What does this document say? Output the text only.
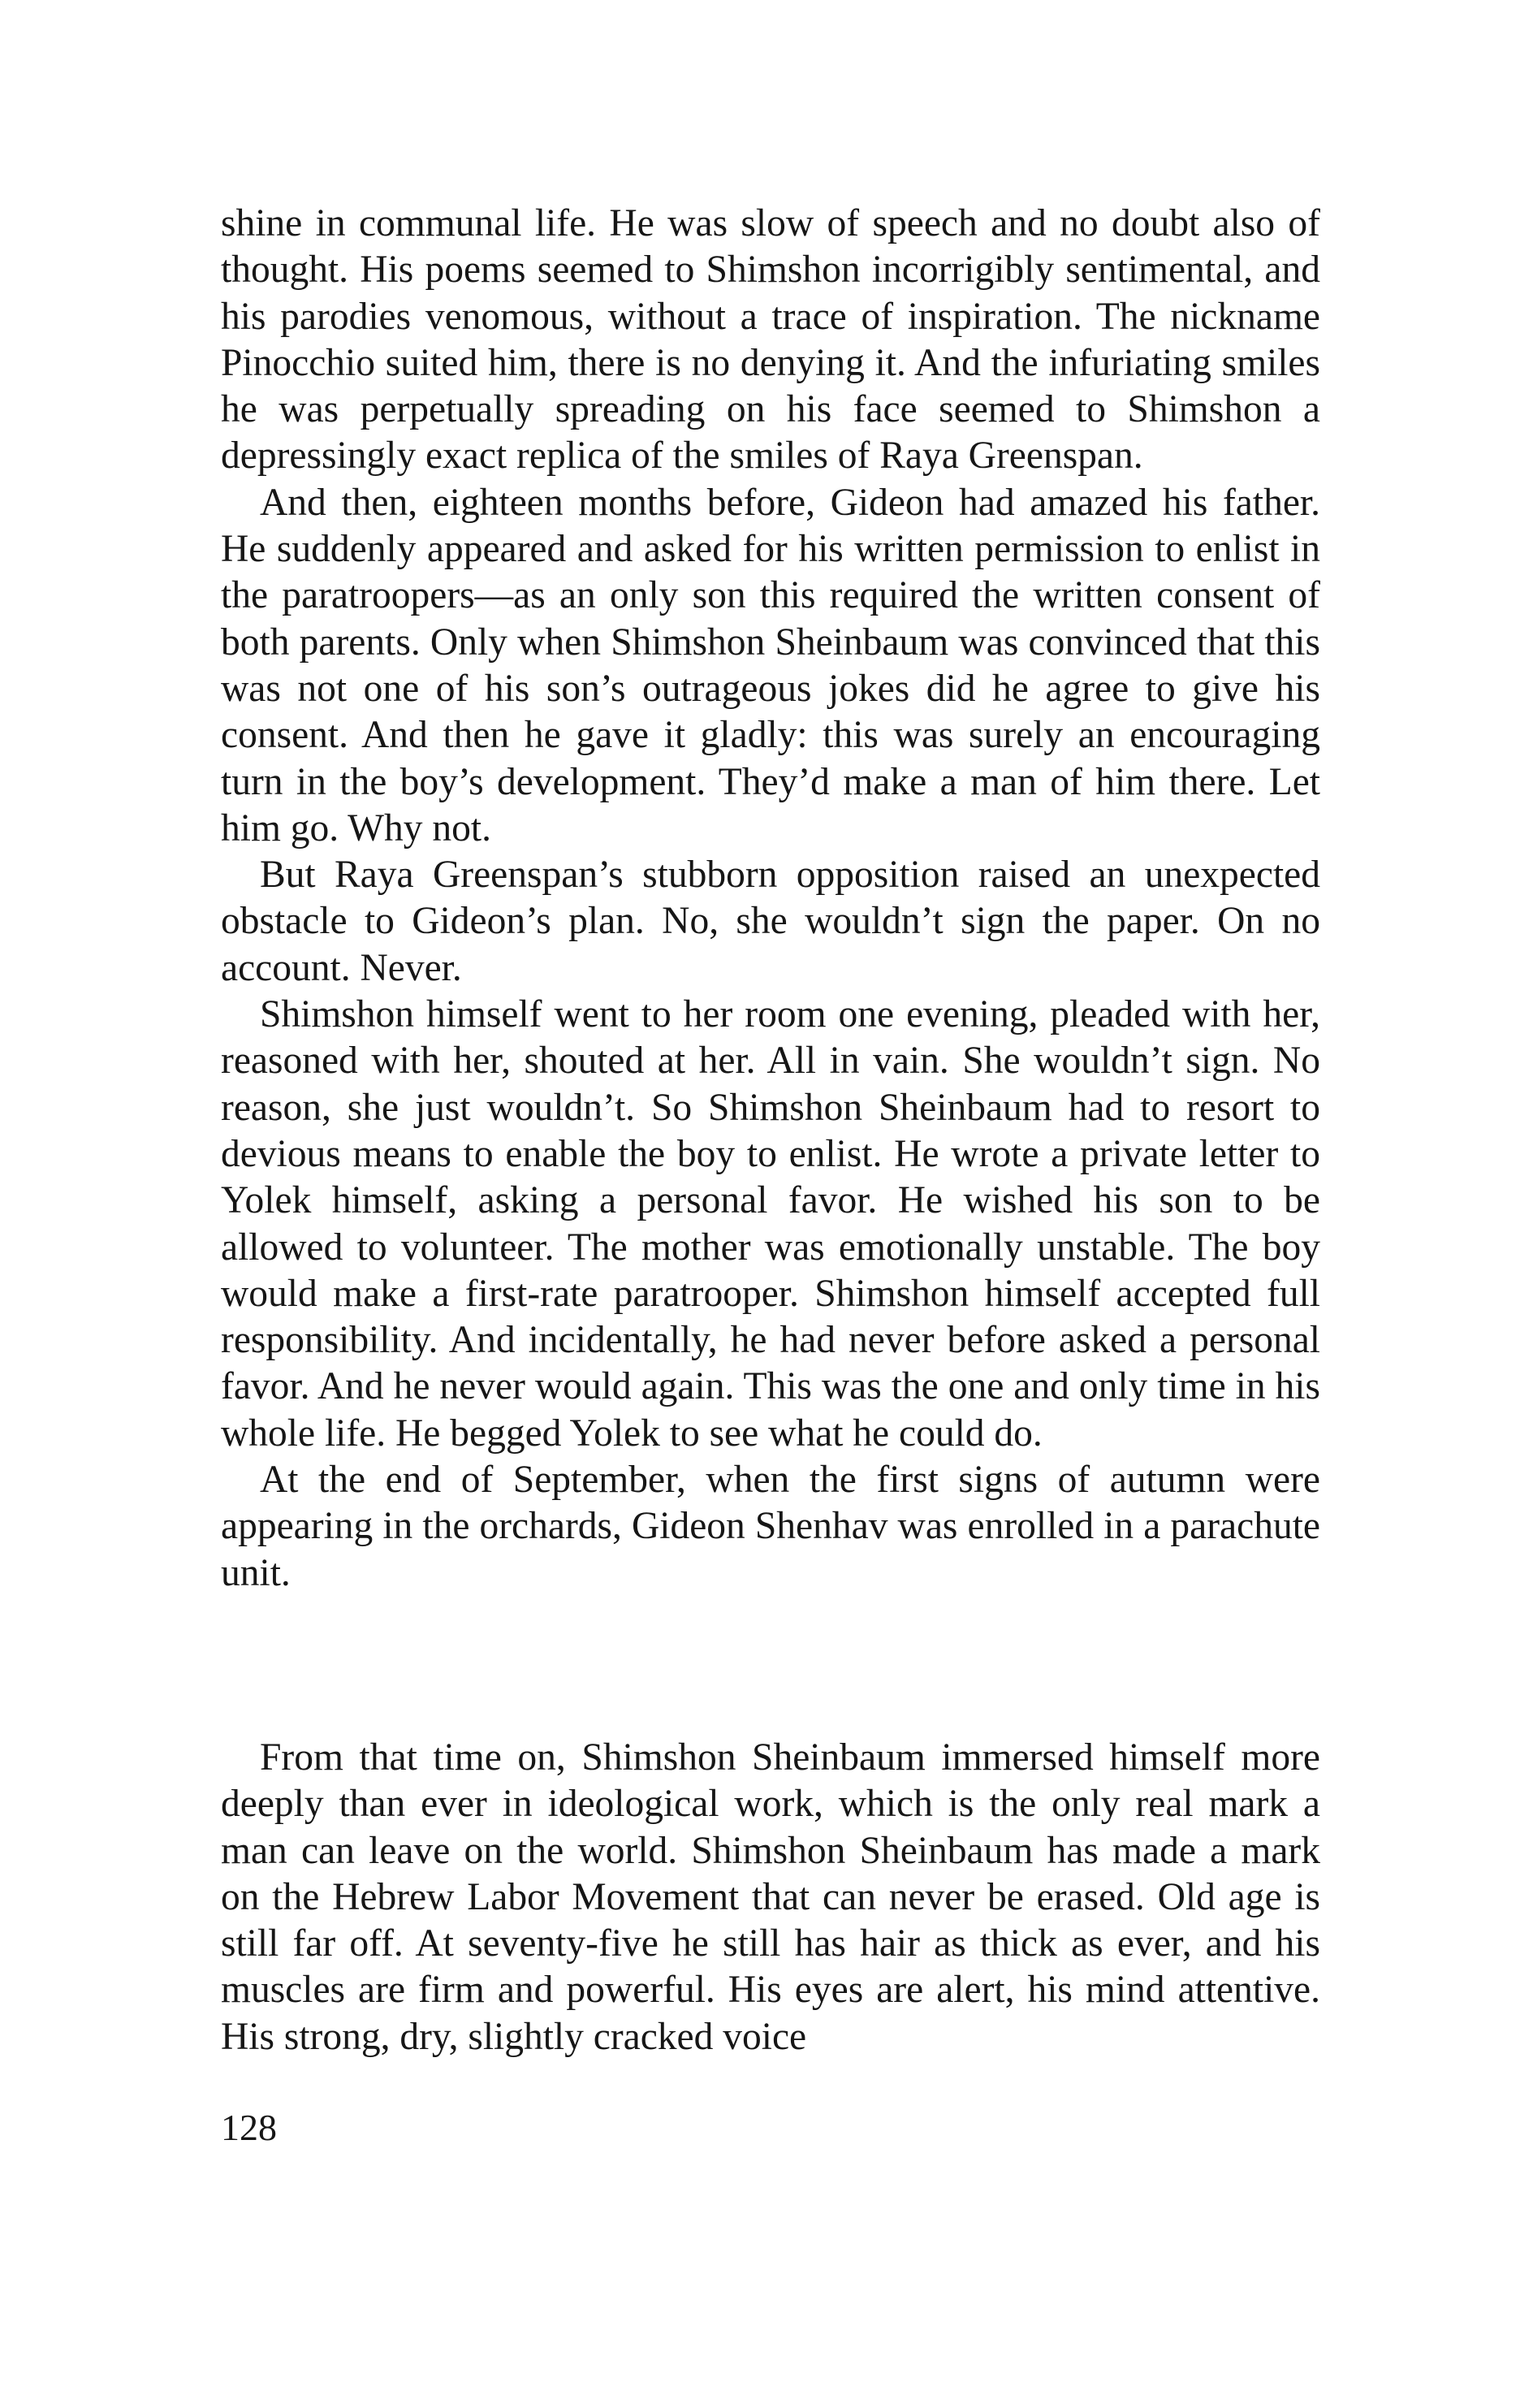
shine in communal life. He was slow of speech and no doubt also of thought. His poems seemed to Shimshon incorrigibly sentimental, and his parodies venomous, without a trace of inspiration. The nickname Pinocchio suited him, there is no denying it. And the infuriating smiles he was perpetually spreading on his face seemed to Shimshon a depressingly exact replica of the smiles of Raya Greenspan.

And then, eighteen months before, Gideon had amazed his father. He suddenly appeared and asked for his written permission to enlist in the paratroopers—as an only son this required the written consent of both parents. Only when Shimshon Sheinbaum was convinced that this was not one of his son’s outrageous jokes did he agree to give his consent. And then he gave it gladly: this was surely an encouraging turn in the boy’s development. They’d make a man of him there. Let him go. Why not.

But Raya Greenspan’s stubborn opposition raised an unexpected obstacle to Gideon’s plan. No, she wouldn’t sign the paper. On no account. Never.

Shimshon himself went to her room one evening, pleaded with her, reasoned with her, shouted at her. All in vain. She wouldn’t sign. No reason, she just wouldn’t. So Shimshon Sheinbaum had to resort to devious means to enable the boy to enlist. He wrote a private letter to Yolek himself, asking a personal favor. He wished his son to be allowed to volunteer. The mother was emotionally unstable. The boy would make a first-rate paratrooper. Shimshon himself accepted full responsibility. And incidentally, he had never before asked a personal favor. And he never would again. This was the one and only time in his whole life. He begged Yolek to see what he could do.

At the end of September, when the first signs of autumn were appearing in the orchards, Gideon Shenhav was enrolled in a parachute unit.

From that time on, Shimshon Sheinbaum immersed himself more deeply than ever in ideological work, which is the only real mark a man can leave on the world. Shimshon Sheinbaum has made a mark on the Hebrew Labor Movement that can never be erased. Old age is still far off. At seventy-five he still has hair as thick as ever, and his muscles are firm and powerful. His eyes are alert, his mind attentive. His strong, dry, slightly cracked voice

128
